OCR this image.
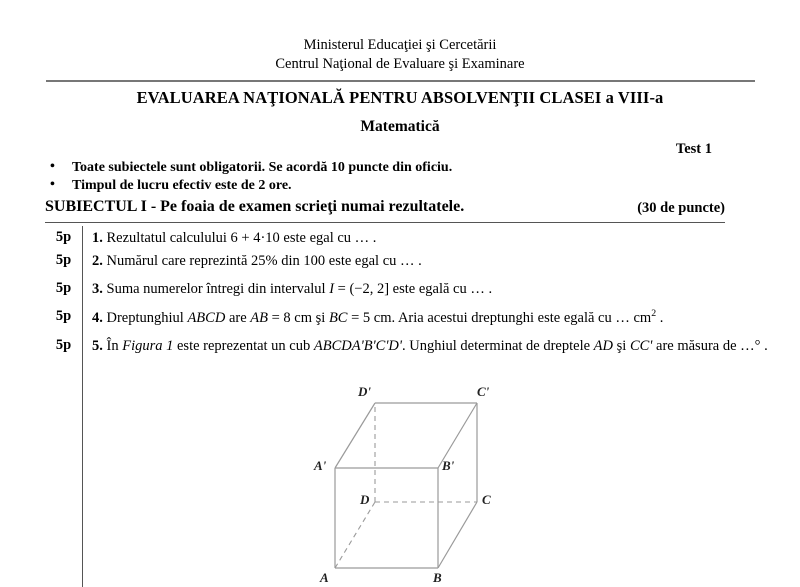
Ministerul Educaţiei şi Cercetării
Centrul Naţional de Evaluare şi Examinare
EVALUAREA NAŢIONALĂ PENTRU ABSOLVENŢII CLASEI a VIII-a
Matematică
Test 1
• Toate subiectele sunt obligatorii. Se acordă 10 puncte din oficiu.
• Timpul de lucru efectiv este de 2 ore.
SUBIECTUL I - Pe foaia de examen scrieţi numai rezultatele.	(30 de puncte)
5p	1. Rezultatul calculului 6 + 4·10 este egal cu … .
5p	2. Numărul care reprezintă 25% din 100 este egal cu … .
5p	3. Suma numerelor întregi din intervalul I = (−2, 2] este egală cu … .
5p	4. Dreptunghiul ABCD are AB = 8 cm şi BC = 5 cm. Aria acestui dreptunghi este egală cu … $cm^2$ .
5p	5. În Figura 1 este reprezentat un cub ABCDA'B'C'D'. Unghiul determinat de dreptele AD şi CC' are măsura de …° .
A	B
C
D
A'	B'
C'
D'
